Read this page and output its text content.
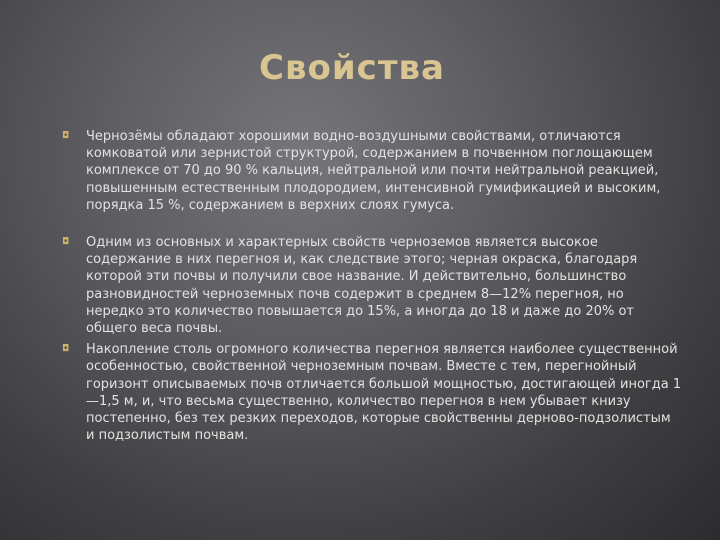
Свойства
◘ Чернозёмы обладают хорошими водно-воздушными свойствами, отличаются комковатой или зернистой структурой, содержанием в почвенном поглощающем комплексе от 70 до 90 % кальция, нейтральной или почти нейтральной реакцией, повышенным естественным плодородием, интенсивной гумификацией и высоким, порядка 15 %, содержанием в верхних слоях гумуса.
◘ Одним из основных и характерных свойств черноземов является высокое содержание в них перегноя и, как следствие этого; черная окраска, благодаря которой эти почвы и получили свое название. И действительно, большинство разновидностей черноземных почв содержит в среднем 8—12% перегноя, но нередко это количество повышается до 15%, а иногда до 18 и даже до 20% от общего веса почвы.
◘ Накопление столь огромного количества перегноя является наиболее существенной особенностью, свойственной черноземным почвам. Вместе с тем, перегнойный горизонт описываемых почв отличается большой мощностью, достигающей иногда 1 —1,5 м, и, что весьма существенно, количество перегноя в нем убывает книзу постепенно, без тех резких переходов, которые свойственны дерново-подзолистым и подзолистым почвам.
